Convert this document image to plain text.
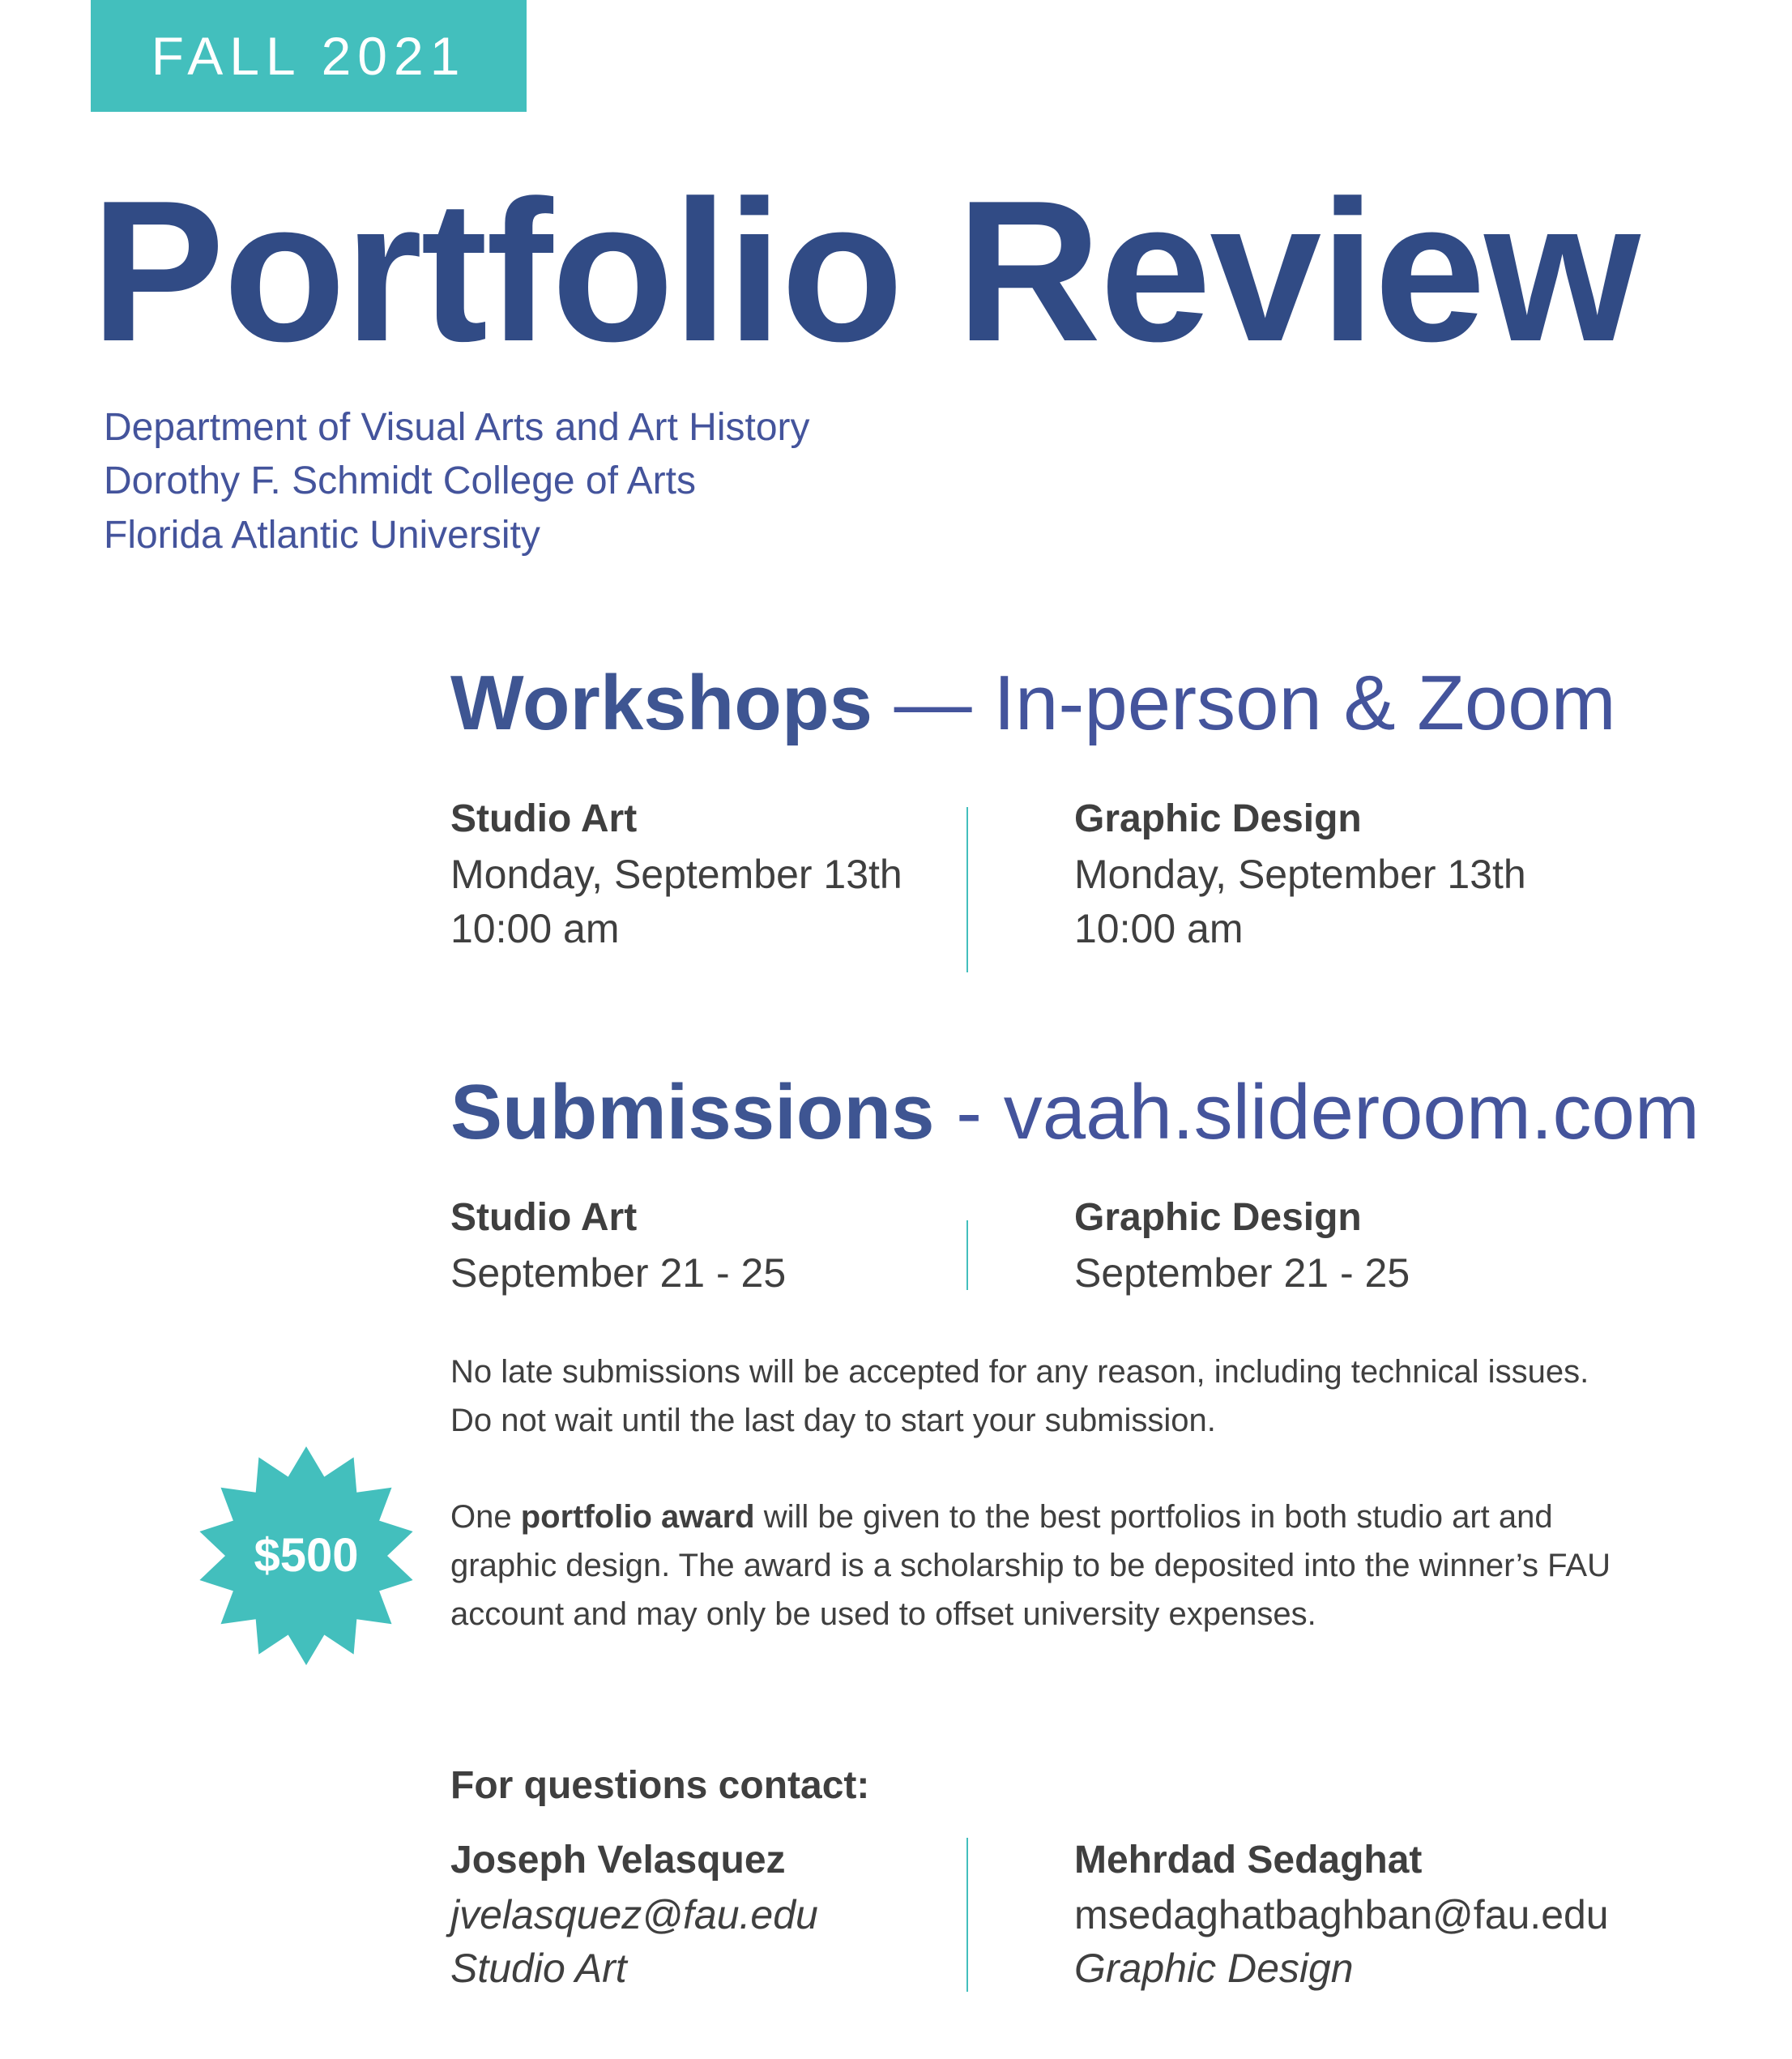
FALL 2021
Portfolio Review
Department of Visual Arts and Art History
Dorothy F. Schmidt College of Arts
Florida Atlantic University
Workshops — In-person & Zoom
Studio Art
Monday, September 13th
10:00 am
Graphic Design
Monday, September 13th
10:00 am
Submissions - vaah.slideroom.com
Studio Art
September 21 - 25
Graphic Design
September 21 - 25

No late submissions will be accepted for any reason, including technical issues.

Do not wait until the last day to start your submission.

$500

One portfolio award will be given to the best portfolios in both studio art and

graphic design. The award is a scholarship to be deposited into the winner’s FAU

account and may only be used to offset university expenses.

For questions contact:
Joseph Velasquez
jvelasquez@fau.edu
Studio Art
Mehrdad Sedaghat
msedaghatbaghban@fau.edu
Graphic Design
